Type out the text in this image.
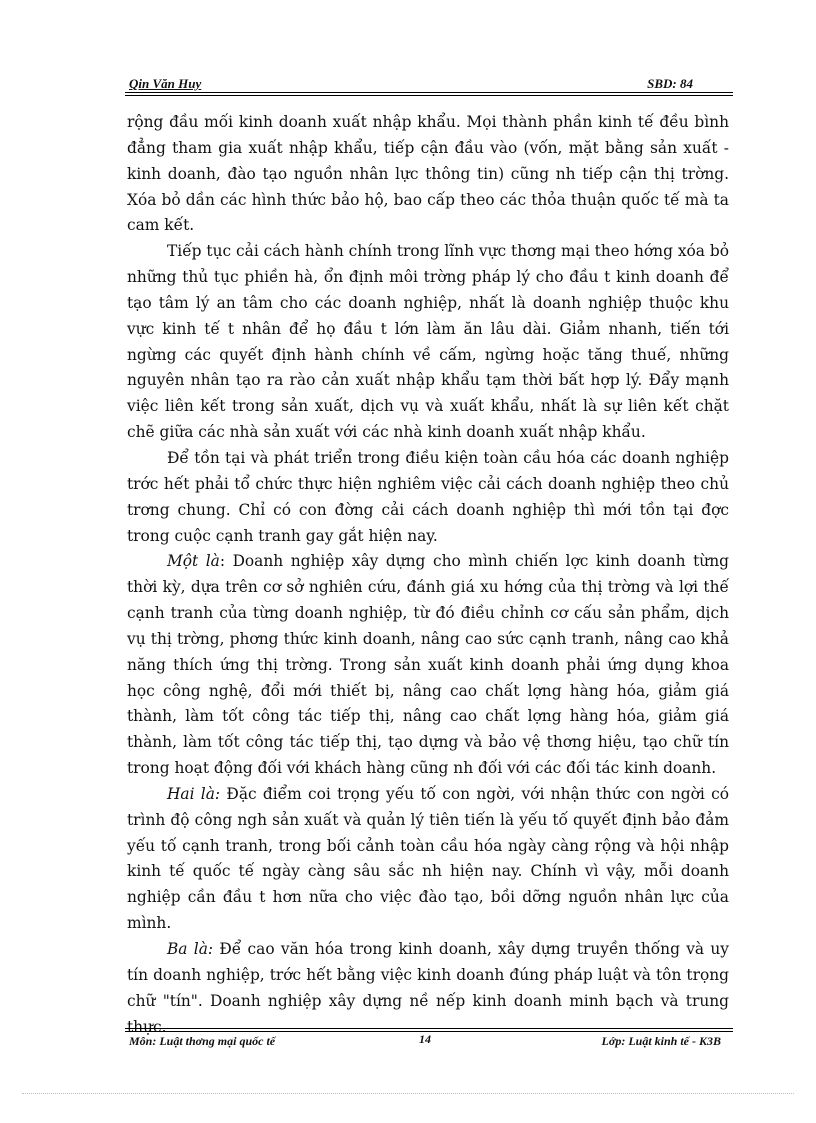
Qin Văn Huy	SBD: 84

rộng đầu mối kinh doanh xuất nhập khẩu. Mọi thành phần kinh tế đều bình đẳng tham gia xuất nhập khẩu, tiếp cận đầu vào (vốn, mặt bằng sản xuất - kinh doanh, đào tạo nguồn nhân lực thông tin) cũng nh tiếp cận thị trờng. Xóa bỏ dần các hình thức bảo hộ, bao cấp theo các thỏa thuận quốc tế mà ta cam kết.

Tiếp tục cải cách hành chính trong lĩnh vực thơng mại theo hớng xóa bỏ những thủ tục phiền hà, ổn định môi trờng pháp lý cho đầu t kinh doanh để tạo tâm lý an tâm cho các doanh nghiệp, nhất là doanh nghiệp thuộc khu vực kinh tế t nhân để họ đầu t lớn làm ăn lâu dài. Giảm nhanh, tiến tới ngừng các quyết định hành chính về cấm, ngừng hoặc tăng thuế, những nguyên nhân tạo ra rào cản xuất nhập khẩu tạm thời bất hợp lý. Đẩy mạnh việc liên kết trong sản xuất, dịch vụ và xuất khẩu, nhất là sự liên kết chặt chẽ giữa các nhà sản xuất với các nhà kinh doanh xuất nhập khẩu.

Để tồn tại và phát triển trong điều kiện toàn cầu hóa các doanh nghiệp trớc hết phải tổ chức thực hiện nghiêm việc cải cách doanh nghiệp theo chủ trơng chung. Chỉ có con đờng cải cách doanh nghiệp thì mới tồn tại đợc trong cuộc cạnh tranh gay gắt hiện nay.

Một là: Doanh nghiệp xây dựng cho mình chiến lợc kinh doanh từng thời kỳ, dựa trên cơ sở nghiên cứu, đánh giá xu hớng của thị trờng và lợi thế cạnh tranh của từng doanh nghiệp, từ đó điều chỉnh cơ cấu sản phẩm, dịch vụ thị trờng, phơng thức kinh doanh, nâng cao sức cạnh tranh, nâng cao khả năng thích ứng thị trờng. Trong sản xuất kinh doanh phải ứng dụng khoa học công nghệ, đổi mới thiết bị, nâng cao chất lợng hàng hóa, giảm giá thành, làm tốt công tác tiếp thị, nâng cao chất lợng hàng hóa, giảm giá thành, làm tốt công tác tiếp thị, tạo dựng và bảo vệ thơng hiệu, tạo chữ tín trong hoạt động đối với khách hàng cũng nh đối với các đối tác kinh doanh.

Hai là: Đặc điểm coi trọng yếu tố con ngời, với nhận thức con ngời có trình độ công ngh sản xuất và quản lý tiên tiến là yếu tố quyết định bảo đảm yếu tố cạnh tranh, trong bối cảnh toàn cầu hóa ngày càng rộng và hội nhập kinh tế quốc tế ngày càng sâu sắc nh hiện nay. Chính vì vậy, mỗi doanh nghiệp cần đầu t hơn nữa cho việc đào tạo, bồi dỡng nguồn nhân lực của mình.

Ba là: Để cao văn hóa trong kinh doanh, xây dựng truyền thống và uy tín doanh nghiệp, trớc hết bằng việc kinh doanh đúng pháp luật và tôn trọng chữ "tín". Doanh nghiệp xây dựng nề nếp kinh doanh minh bạch và trung thực.

Môn: Luật thơng mại quốc tế	14	Lớp: Luật kinh tế - K3B
